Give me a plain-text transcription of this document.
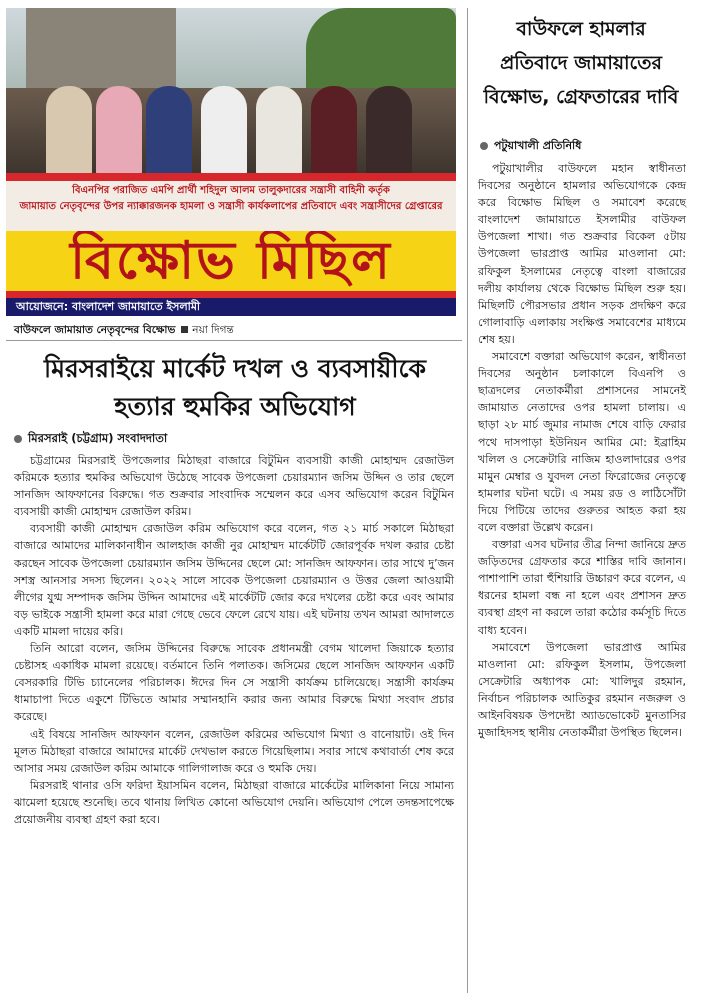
বিএনপির পরাজিত এমপি প্রার্থী শহিদুল আলম তালুকদারের সন্ত্রাসী বাহিনী কর্তৃক
জামায়াত নেতৃবৃন্দের উপর ন্যাক্কারজনক হামলা ও সন্ত্রাসী কার্যকলাপের প্রতিবাদে এবং সন্ত্রাসীদের গ্রেপ্তারের
বিক্ষোভ মিছিল
আয়োজনে: বাংলাদেশ জামায়াতে ইসলামী
বাউফলে জামায়াত নেতৃবৃন্দের বিক্ষোভ নয়া দিগন্ত
মিরসরাইয়ে মার্কেট দখল ও ব্যবসায়ীকে
হত্যার হুমকির অভিযোগ
মিরসরাই (চট্টগ্রাম) সংবাদদাতা

চট্টগ্রামের মিরসরাই উপজেলার মিঠাছরা বাজারে বিটুমিন ব্যবসায়ী কাজী মোহাম্মদ রেজাউল করিমকে হত্যার হুমকির অভিযোগ উঠেছে সাবেক উপজেলা চেয়ারম্যান জসিম উদ্দিন ও তার ছেলে সানজিদ আফফানের বিরুদ্ধে। গত শুক্রবার সাংবাদিক সম্মেলন করে এসব অভিযোগ করেন বিটুমিন ব্যবসায়ী কাজী মোহাম্মদ রেজাউল করিম।

ব্যবসায়ী কাজী মোহাম্মদ রেজাউল করিম অভিযোগ করে বলেন, গত ২১ মার্চ সকালে মিঠাছরা বাজারে আমাদের মালিকানাধীন আলহাজ কাজী নুর মোহাম্মদ মার্কেটটি জোরপূর্বক দখল করার চেষ্টা করছেন সাবেক উপজেলা চেয়ারম্যান জসিম উদ্দিনের ছেলে মো: সানজিদ আফফান। তার সাথে দু’জন সশস্ত্র আনসার সদস্য ছিলেন। ২০২২ সালে সাবেক উপজেলা চেয়ারম্যান ও উত্তর জেলা আওয়ামী লীগের যুগ্ম সম্পাদক জসিম উদ্দিন আমাদের এই মার্কেটটি জোর করে দখলের চেষ্টা করে এবং আমার বড় ভাইকে সন্ত্রাসী হামলা করে মারা গেছে ভেবে ফেলে রেখে যায়। এই ঘটনায় তখন আমরা আদালতে একটি মামলা দায়ের করি।

তিনি আরো বলেন, জসিম উদ্দিনের বিরুদ্ধে সাবেক প্রধানমন্ত্রী বেগম খালেদা জিয়াকে হত্যার চেষ্টাসহ একাধিক মামলা রয়েছে। বর্তমানে তিনি পলাতক। জসিমের ছেলে সানজিদ আফফান একটি বেসরকারি টিভি চ্যানেলের পরিচালক। ঈদের দিন সে সন্ত্রাসী কার্যক্রম চালিয়েছে। সন্ত্রাসী কার্যক্রম ধামাচাপা দিতে একুশে টিভিতে আমার সম্মানহানি করার জন্য আমার বিরুদ্ধে মিথ্যা সংবাদ প্রচার করেছে।

এই বিষয়ে সানজিদ আফফান বলেন, রেজাউল করিমের অভিযোগ মিথ্যা ও বানোয়াট। ওই দিন মূলত মিঠাছরা বাজারে আমাদের মার্কেট দেখভাল করতে গিয়েছিলাম। সবার সাথে কথাবার্তা শেষ করে আসার সময় রেজাউল করিম আমাকে গালিগালাজ করে ও হুমকি দেয়।

মিরসরাই থানার ওসি ফরিদা ইয়াসমিন বলেন, মিঠাছরা বাজারে মার্কেটের মালিকানা নিয়ে সামান্য ঝামেলা হয়েছে শুনেছি। তবে থানায় লিখিত কোনো অভিযোগ দেয়নি। অভিযোগ পেলে তদন্তসাপেক্ষে প্রয়োজনীয় ব্যবস্থা গ্রহণ করা হবে।

বাউফলে হামলার
প্রতিবাদে জামায়াতের
বিক্ষোভ, গ্রেফতারের দাবি
পটুয়াখালী প্রতিনিধি

পটুয়াখালীর বাউফলে মহান স্বাধীনতা দিবসের অনুষ্ঠানে হামলার অভিযোগকে কেন্দ্র করে বিক্ষোভ মিছিল ও সমাবেশ করেছে বাংলাদেশ জামায়াতে ইসলামীর বাউফল উপজেলা শাখা। গত শুক্রবার বিকেল ৫টায় উপজেলা ভারপ্রাপ্ত আমির মাওলানা মো: রফিকুল ইসলামের নেতৃত্বে বাংলা বাজারের দলীয় কার্যালয় থেকে বিক্ষোভ মিছিল শুরু হয়। মিছিলটি পৌরসভার প্রধান সড়ক প্রদক্ষিণ করে গোলাবাড়ি এলাকায় সংক্ষিপ্ত সমাবেশের মাধ্যমে শেষ হয়।

সমাবেশে বক্তারা অভিযোগ করেন, স্বাধীনতা দিবসের অনুষ্ঠান চলাকালে বিএনপি ও ছাত্রদলের নেতাকর্মীরা প্রশাসনের সামনেই জামায়াত নেতাদের ওপর হামলা চালায়। এ ছাড়া ২৮ মার্চ জুমার নামাজ শেষে বাড়ি ফেরার পথে দাসপাড়া ইউনিয়ন আমির মো: ইব্রাহিম খলিল ও সেক্রেটারি নাজিম হাওলাদারের ওপর মামুন মেম্বার ও যুবদল নেতা ফিরোজের নেতৃত্বে হামলার ঘটনা ঘটে। এ সময় রড ও লাঠিসোঁটা দিয়ে পিটিয়ে তাদের গুরুতর আহত করা হয় বলে বক্তারা উল্লেখ করেন।

বক্তারা এসব ঘটনার তীব্র নিন্দা জানিয়ে দ্রুত জড়িতদের গ্রেফতার করে শাস্তির দাবি জানান। পাশাপাশি তারা হুঁশিয়ারি উচ্চারণ করে বলেন, এ ধরনের হামলা বন্ধ না হলে এবং প্রশাসন দ্রুত ব্যবস্থা গ্রহণ না করলে তারা কঠোর কর্মসূচি দিতে বাধ্য হবেন।

সমাবেশে উপজেলা ভারপ্রাপ্ত আমির মাওলানা মো: রফিকুল ইসলাম, উপজেলা সেক্রেটারি অধ্যাপক মো: খালিদুর রহমান, নির্বাচন পরিচালক আতিকুর রহমান নজরুল ও আইনবিষয়ক উপদেষ্টা অ্যাডভোকেট মুনতাসির মুজাহিদসহ স্থানীয় নেতাকর্মীরা উপস্থিত ছিলেন।
